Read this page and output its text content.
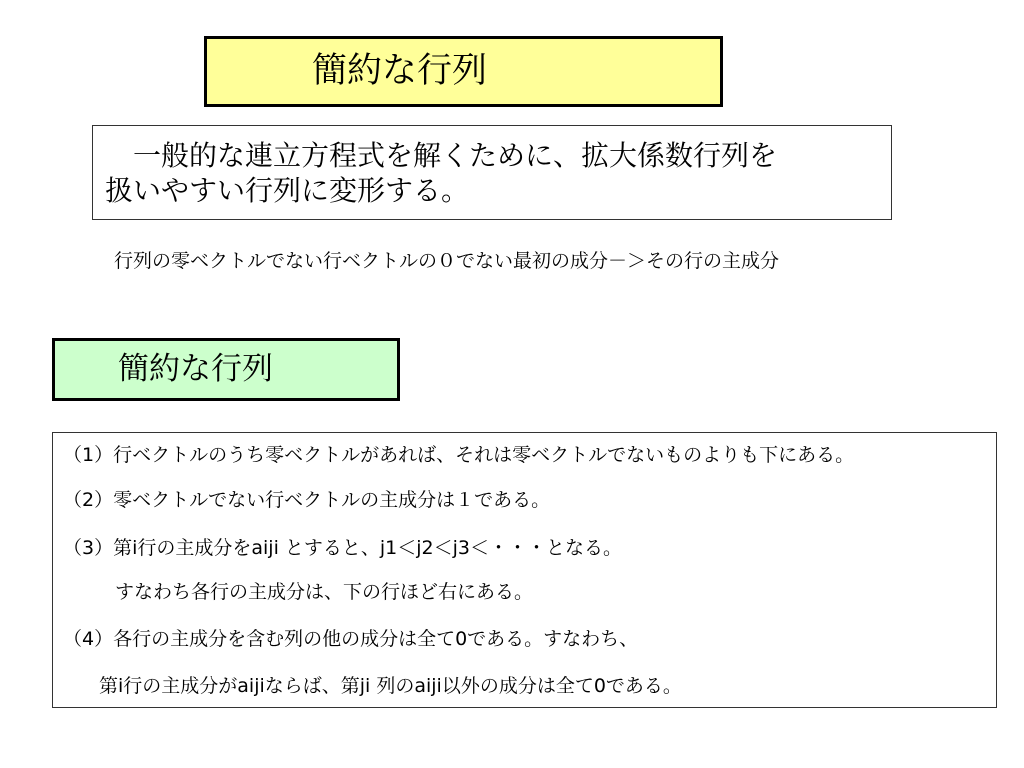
簡約な行列
　一般的な連立方程式を解くために、拡大係数行列を
扱いやすい行列に変形する。
行列の零ベクトルでない行ベクトルの０でない最初の成分－＞その行の主成分
簡約な行列
（1）行ベクトルのうち零ベクトルがあれば、それは零ベクトルでないものよりも下にある。
（2）零ベクトルでない行ベクトルの主成分は１である。
（3）第i行の主成分をaiji とすると、j1＜j2＜j3＜・・・となる。
すなわち各行の主成分は、下の行ほど右にある。
（4）各行の主成分を含む列の他の成分は全て0である。すなわち、
第i行の主成分がaijiならば、第ji 列のaiji以外の成分は全て0である。
